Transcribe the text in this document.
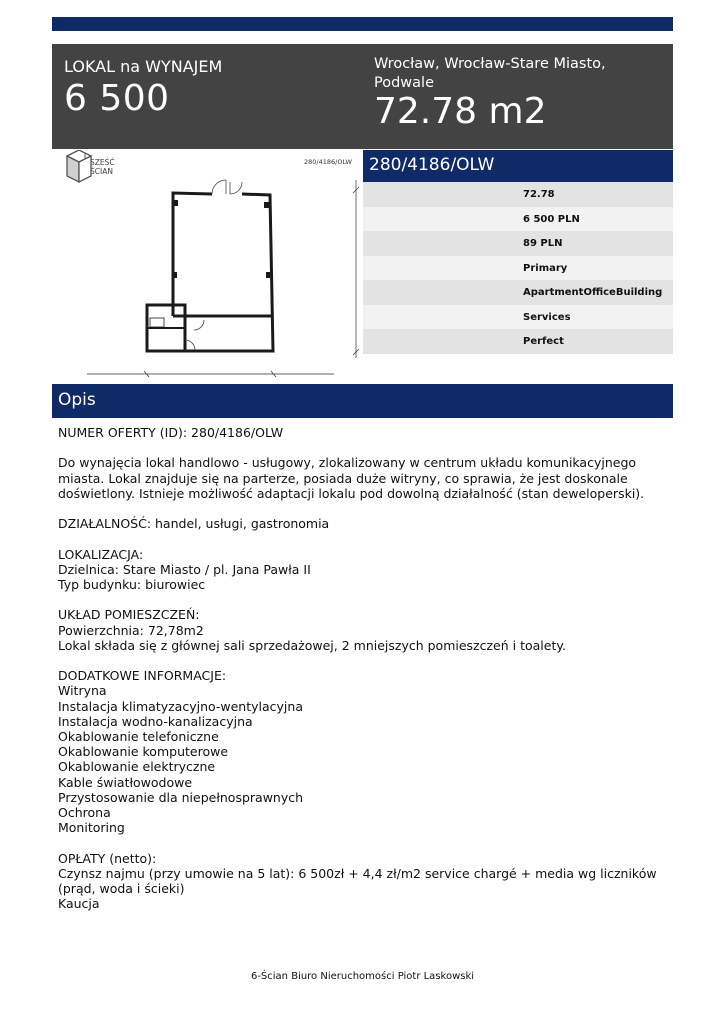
LOKAL na WYNAJEM
6 500
Wrocław, Wrocław-Stare Miasto, Podwale
72.78 m2
SZEŚĆ
ŚCIAN
280/4186/OLW	280/4186/OLW
72.78
6 500 PLN
89 PLN
Primary
ApartmentOfficeBuilding
Services
Perfect
Opis

NUMER OFERTY (ID): 280/4186/OLW

Do wynajęcia lokal handlowo - usługowy, zlokalizowany w centrum układu komunikacyjnego miasta. Lokal znajduje się na parterze, posiada duże witryny, co sprawia, że jest doskonale doświetlony. Istnieje możliwość adaptacji lokalu pod dowolną działalność (stan deweloperski).

DZIAŁALNOŚĆ: handel, usługi, gastronomia

LOKALIZACJA:

Dzielnica: Stare Miasto / pl. Jana Pawła II

Typ budynku: biurowiec

UKŁAD POMIESZCZEŃ:

Powierzchnia: 72,78m2

Lokal składa się z głównej sali sprzedażowej, 2 mniejszych pomieszczeń i toalety.

DODATKOWE INFORMACJE:

Witryna

Instalacja klimatyzacyjno-wentylacyjna

Instalacja wodno-kanalizacyjna

Okablowanie telefoniczne

Okablowanie komputerowe

Okablowanie elektryczne

Kable światłowodowe

Przystosowanie dla niepełnosprawnych

Ochrona

Monitoring

OPŁATY (netto):

Czynsz najmu (przy umowie na 5 lat): 6 500zł + 4,4 zł/m2 service chargé + media wg liczników (prąd, woda i ścieki)

Kaucja

6-Ścian Biuro Nieruchomości Piotr Laskowski
